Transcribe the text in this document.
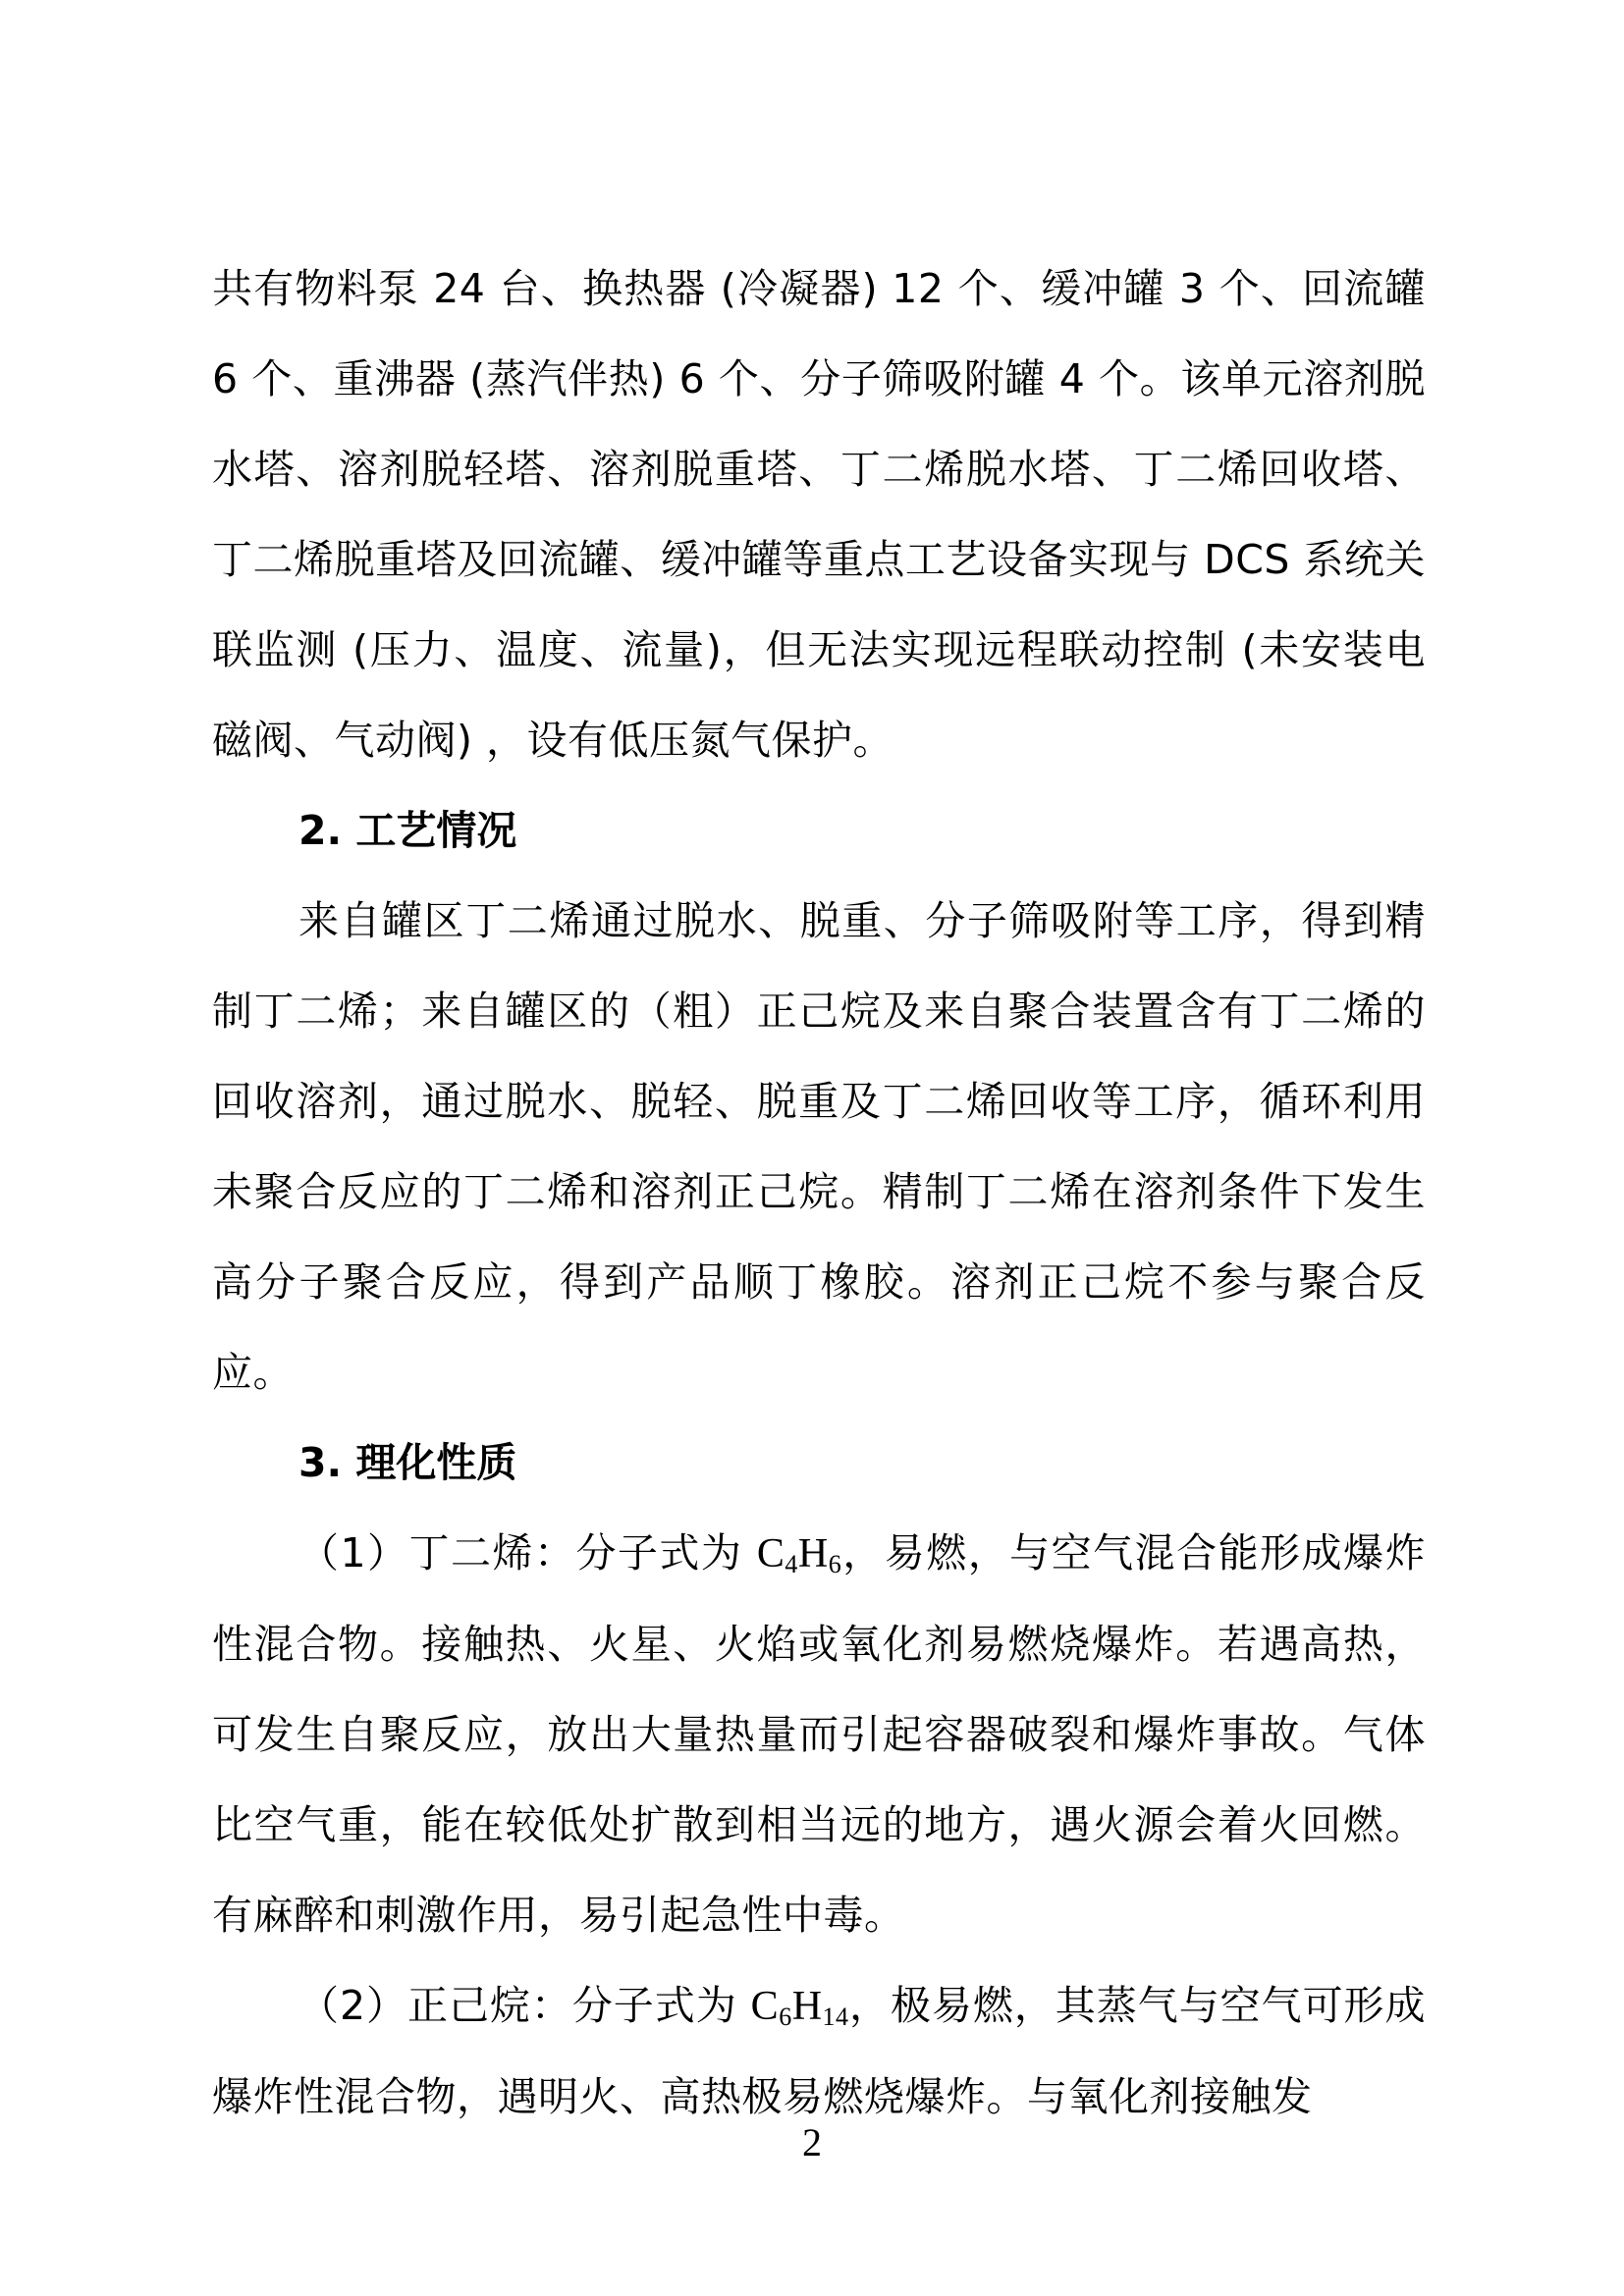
共有物料泵 24 台、换热器 (冷凝器) 12 个、缓冲罐 3 个、回流罐 6 个、重沸器 (蒸汽伴热) 6 个、分子筛吸附罐 4 个。该单元溶剂脱水塔、溶剂脱轻塔、溶剂脱重塔、丁二烯脱水塔、丁二烯回收塔、丁二烯脱重塔及回流罐、缓冲罐等重点工艺设备实现与 DCS 系统关联监测 (压力、温度、流量)，但无法实现远程联动控制 (未安装电磁阀、气动阀) ，设有低压氮气保护。

2. 工艺情况

来自罐区丁二烯通过脱水、脱重、分子筛吸附等工序，得到精制丁二烯；来自罐区的（粗）正己烷及来自聚合装置含有丁二烯的回收溶剂，通过脱水、脱轻、脱重及丁二烯回收等工序，循环利用未聚合反应的丁二烯和溶剂正己烷。精制丁二烯在溶剂条件下发生高分子聚合反应，得到产品顺丁橡胶。溶剂正己烷不参与聚合反应。

3. 理化性质

（1）丁二烯：分子式为 $C_4H_6$，易燃，与空气混合能形成爆炸性混合物。接触热、火星、火焰或氧化剂易燃烧爆炸。若遇高热，可发生自聚反应，放出大量热量而引起容器破裂和爆炸事故。气体比空气重，能在较低处扩散到相当远的地方，遇火源会着火回燃。有麻醉和刺激作用，易引起急性中毒。

（2）正己烷：分子式为 $C_6H_{14}$，极易燃，其蒸气与空气可形成爆炸性混合物，遇明火、高热极易燃烧爆炸。与氧化剂接触发

2
